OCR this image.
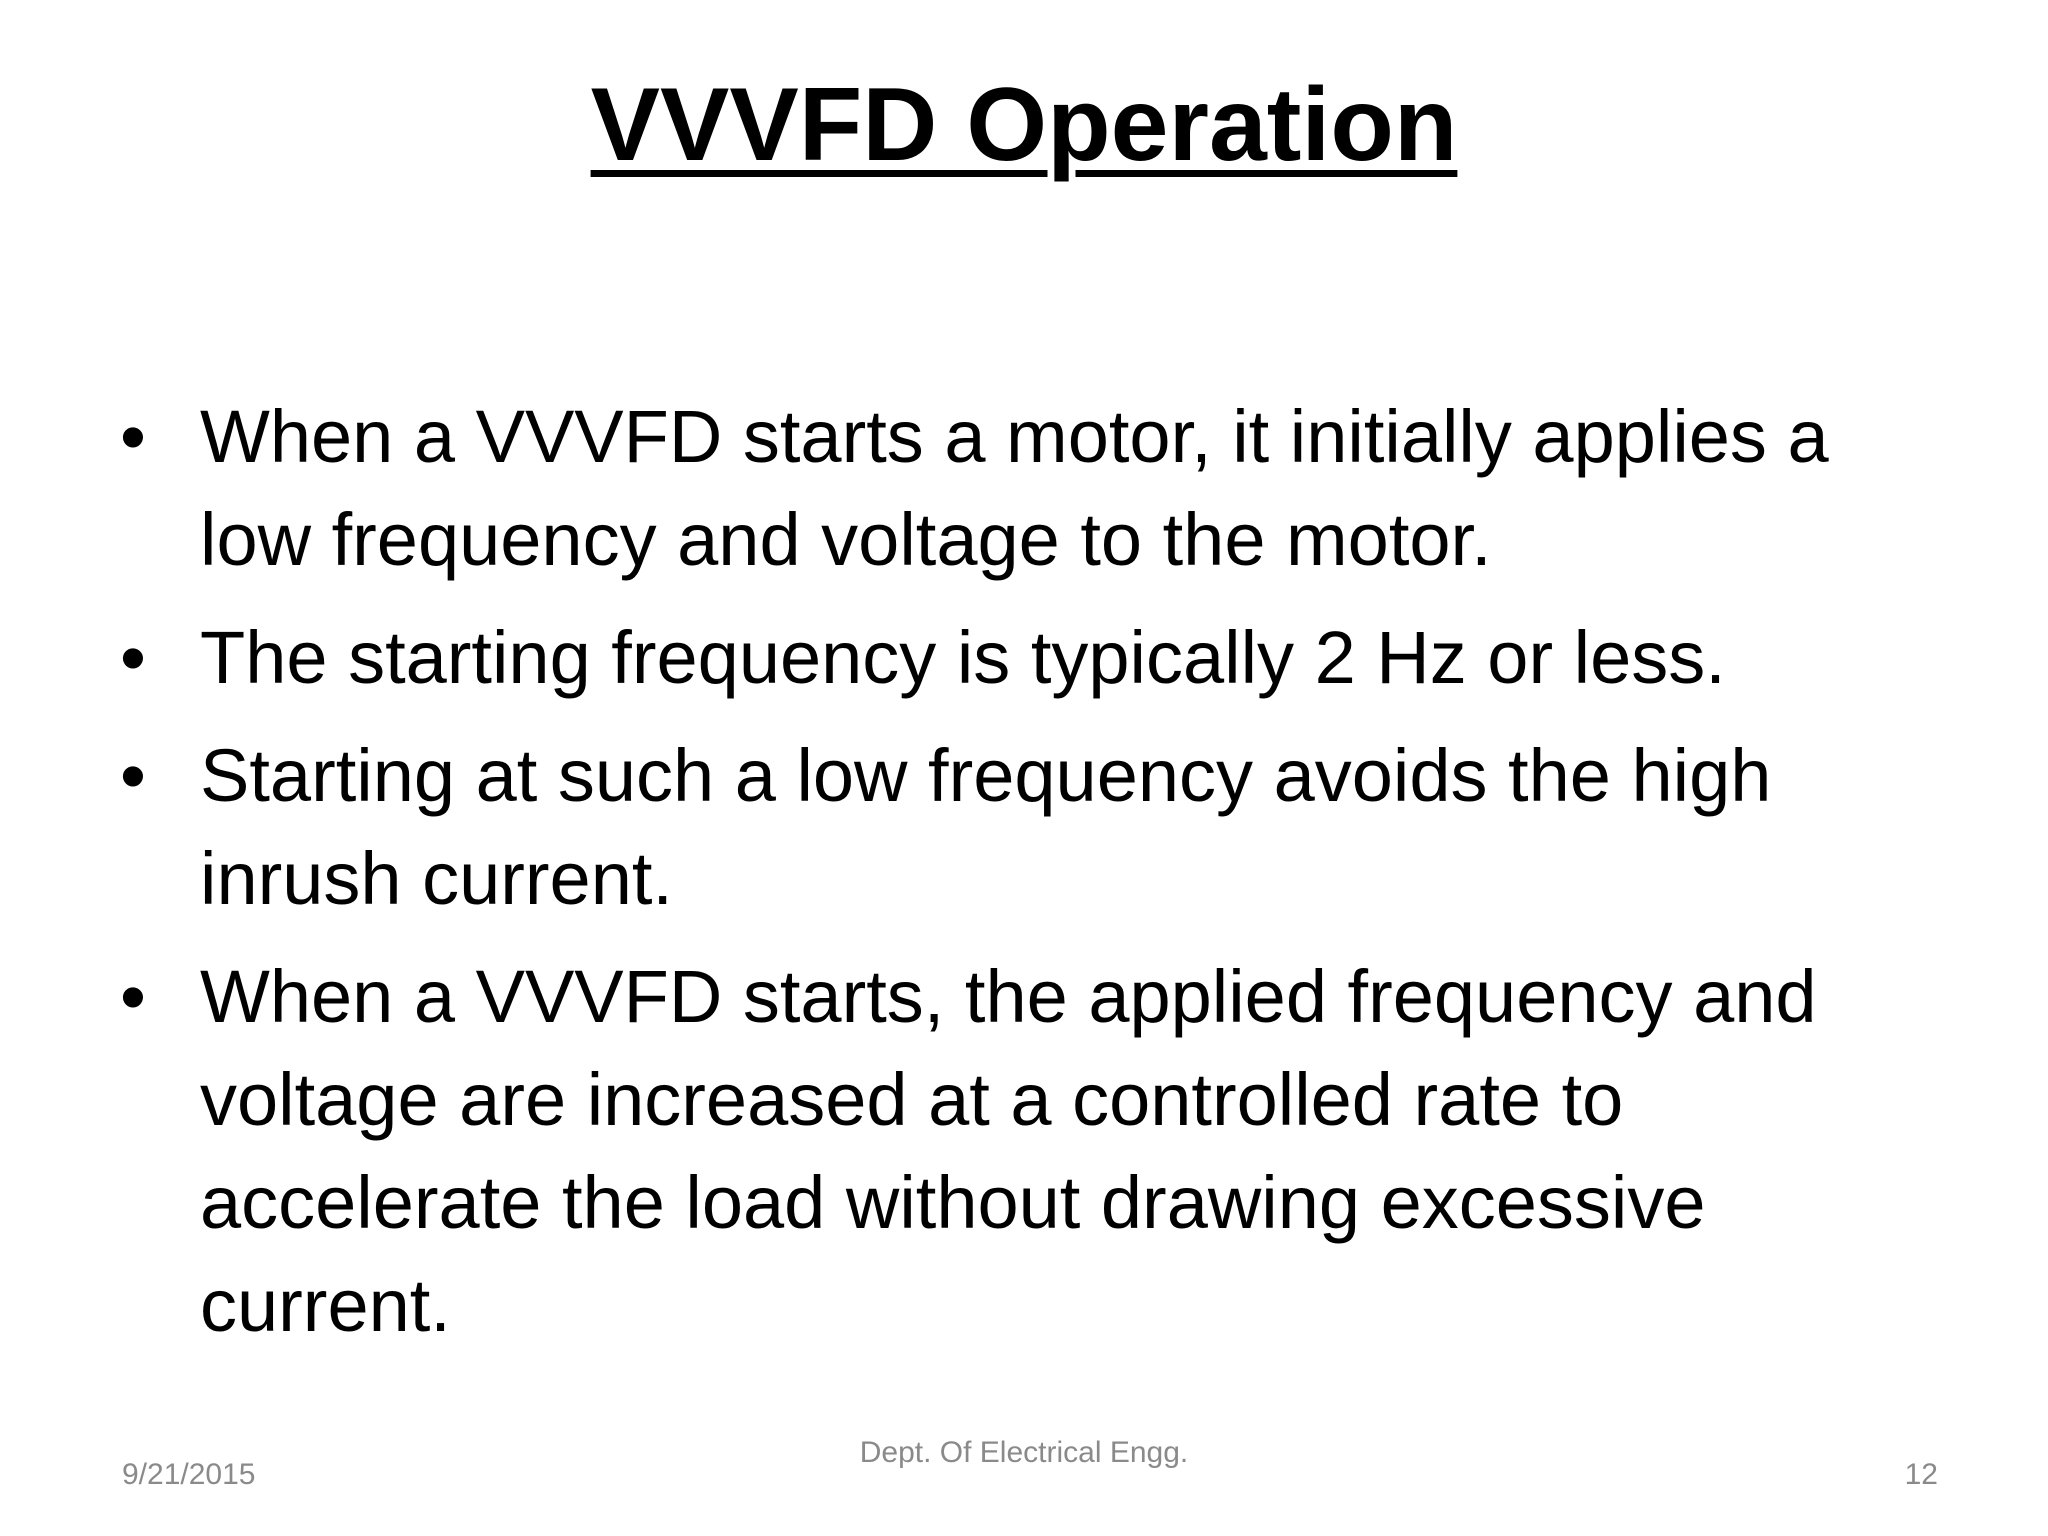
VVVFD Operation
• When a VVVFD starts a motor, it initially applies a low frequency and voltage to the motor.
• The starting frequency is typically 2 Hz or less.
• Starting at such a low frequency avoids the high inrush current.
• When a VVVFD starts, the applied frequency and voltage are increased at a controlled rate to accelerate the load without drawing excessive current.
9/21/2015
Dept. Of Electrical Engg.
12
